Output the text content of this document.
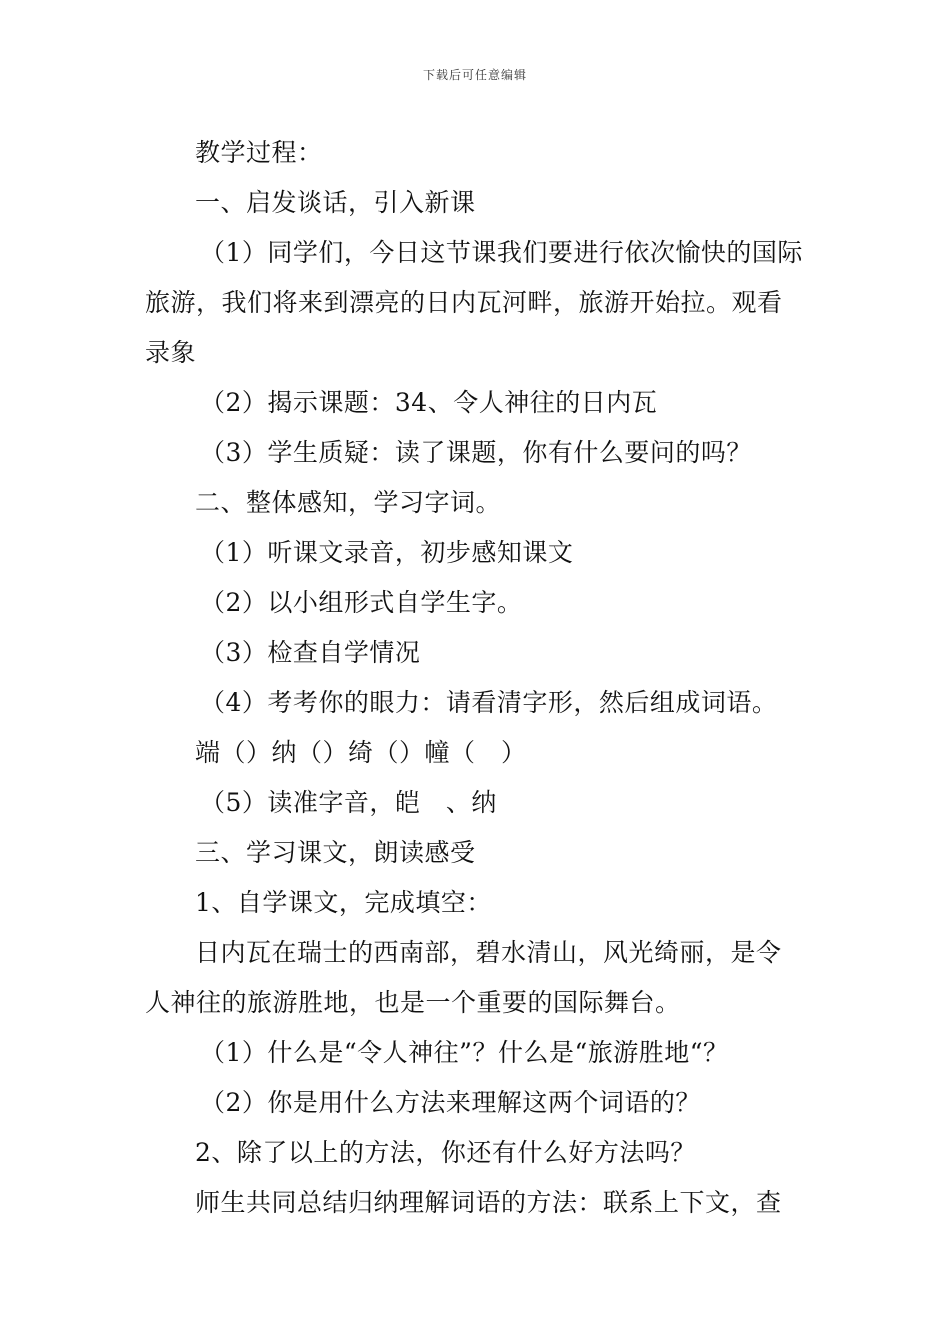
下载后可任意编辑
教学过程：
一、启发谈话，引入新课
（1）同学们，今日这节课我们要进行依次愉快的国际
旅游，我们将来到漂亮的日内瓦河畔，旅游开始拉。观看
录象
（2）揭示课题：34、令人神往的日内瓦
（3）学生质疑：读了课题，你有什么要问的吗？
二、整体感知，学习字词。
（1）听课文录音，初步感知课文
（2）以小组形式自学生字。
（3）检查自学情况
（4）考考你的眼力：请看清字形，然后组成词语。
端（）纳（）绮（）幢（　）
（5）读准字音，皑　、纳
三、学习课文，朗读感受
1、自学课文，完成填空：
日内瓦在瑞士的西南部，碧水清山，风光绮丽，是令
人神往的旅游胜地，也是一个重要的国际舞台。
（1）什么是“令人神往”？什么是“旅游胜地“？
（2）你是用什么方法来理解这两个词语的？
2、除了以上的方法，你还有什么好方法吗？
师生共同总结归纳理解词语的方法：联系上下文，查
